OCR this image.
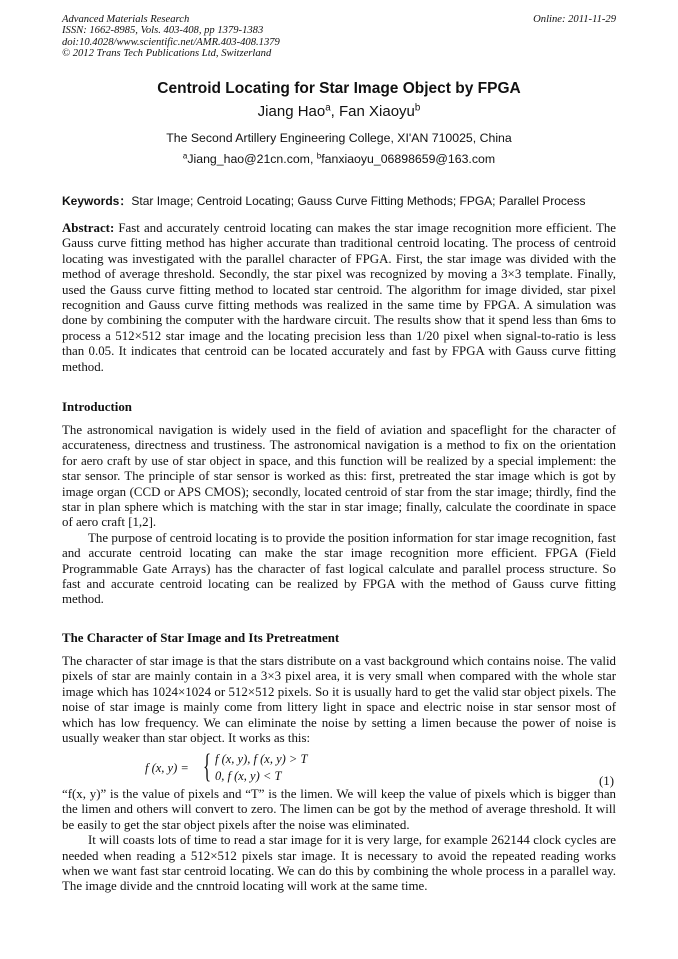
Advanced Materials Research
ISSN: 1662-8985, Vols. 403-408, pp 1379-1383
doi:10.4028/www.scientific.net/AMR.403-408.1379
© 2012 Trans Tech Publications Ltd, Switzerland
Online: 2011-11-29
Centroid Locating for Star Image Object by FPGA
Jiang Hao$^a$, Fan Xiaoyu$^b$
The Second Artillery Engineering College, XI'AN 710025, China
$^a$Jiang_hao@21cn.com, $^b$fanxiaoyu_06898659@163.com
Keywords：Star Image; Centroid Locating; Gauss Curve Fitting Methods; FPGA; Parallel Process

Abstract: Fast and accurately centroid locating can makes the star image recognition more efficient. The Gauss curve fitting method has higher accurate than traditional centroid locating. The process of centroid locating was investigated with the parallel character of FPGA. First, the star image was divided with the method of average threshold. Secondly, the star pixel was recognized by moving a 3×3 template. Finally, used the Gauss curve fitting method to located star centroid. The algorithm for image divided, star pixel recognition and Gauss curve fitting methods was realized in the same time by FPGA. A simulation was done by combining the computer with the hardware circuit. The results show that it spend less than 6ms to process a 512×512 star image and the locating precision less than 1/20 pixel when signal-to-ratio is less than 0.05. It indicates that centroid can be located accurately and fast by FPGA with Gauss curve fitting method.

Introduction

The astronomical navigation is widely used in the field of aviation and spaceflight for the character of accurateness, directness and trustiness. The astronomical navigation is a method to fix on the orientation for aero craft by use of star object in space, and this function will be realized by a special implement: the star sensor. The principle of star sensor is worked as this: first, pretreated the star image which is got by image organ (CCD or APS CMOS); secondly, located centroid of star from the star image; thirdly, find the star in plan sphere which is matching with the star in star image; finally, calculate the coordinate in space of aero craft [1,2].

The purpose of centroid locating is to provide the position information for star image recognition, fast and accurate centroid locating can make the star image recognition more efficient. FPGA (Field Programmable Gate Arrays) has the character of fast logical calculate and parallel process structure. So fast and accurate centroid locating can be realized by FPGA with the method of Gauss curve fitting method.

The Character of Star Image and Its Pretreatment

The character of star image is that the stars distribute on a vast background which contains noise. The valid pixels of star are mainly contain in a 3×3 pixel area, it is very small when compared with the whole star image which has 1024×1024 or 512×512 pixels. So it is usually hard to get the valid star object pixels. The noise of star image is mainly come from littery light in space and electric noise in star sensor most of which has low frequency. We can eliminate the noise by setting a limen because the power of noise is usually weaker than star object. It works as this:

f (x, y) = { f (x, y), f (x, y) > T
0, f (x, y) < T	(1)

“f(x, y)” is the value of pixels and “T” is the limen. We will keep the value of pixels which is bigger than the limen and others will convert to zero. The limen can be got by the method of average threshold. It will be easily to get the star object pixels after the noise was eliminated.

It will coasts lots of time to read a star image for it is very large, for example 262144 clock cycles are needed when reading a 512×512 pixels star image. It is necessary to avoid the repeated reading works when we want fast star centroid locating. We can do this by combining the whole process in a parallel way. The image divide and the cnntroid locating will work at the same time.
